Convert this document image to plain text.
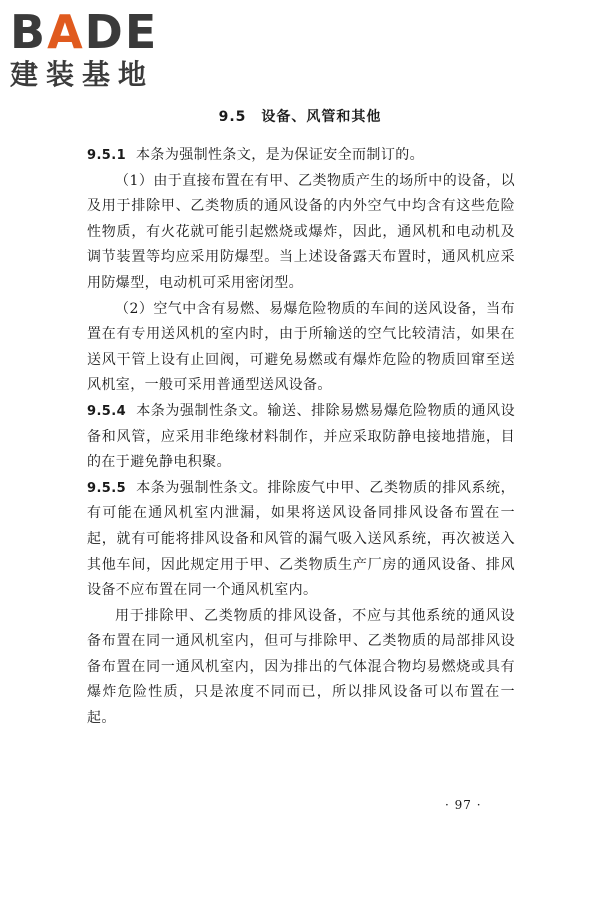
BADE
建装基地
9.5　设备、风管和其他

9.5.1 本条为强制性条文，是为保证安全而制订的。

（1）由于直接布置在有甲、乙类物质产生的场所中的设备，以及用于排除甲、乙类物质的通风设备的内外空气中均含有这些危险性物质，有火花就可能引起燃烧或爆炸，因此，通风机和电动机及调节装置等均应采用防爆型。当上述设备露天布置时，通风机应采用防爆型，电动机可采用密闭型。

（2）空气中含有易燃、易爆危险物质的车间的送风设备，当布置在有专用送风机的室内时，由于所输送的空气比较清洁，如果在送风干管上设有止回阀，可避免易燃或有爆炸危险的物质回窜至送风机室，一般可采用普通型送风设备。

9.5.4 本条为强制性条文。输送、排除易燃易爆危险物质的通风设备和风管，应采用非绝缘材料制作，并应采取防静电接地措施，目的在于避免静电积聚。

9.5.5 本条为强制性条文。排除废气中甲、乙类物质的排风系统，有可能在通风机室内泄漏，如果将送风设备同排风设备布置在一起，就有可能将排风设备和风管的漏气吸入送风系统，再次被送入其他车间，因此规定用于甲、乙类物质生产厂房的通风设备、排风设备不应布置在同一个通风机室内。

用于排除甲、乙类物质的排风设备，不应与其他系统的通风设备布置在同一通风机室内，但可与排除甲、乙类物质的局部排风设备布置在同一通风机室内，因为排出的气体混合物均易燃烧或具有爆炸危险性质，只是浓度不同而已，所以排风设备可以布置在一起。

· 97 ·
